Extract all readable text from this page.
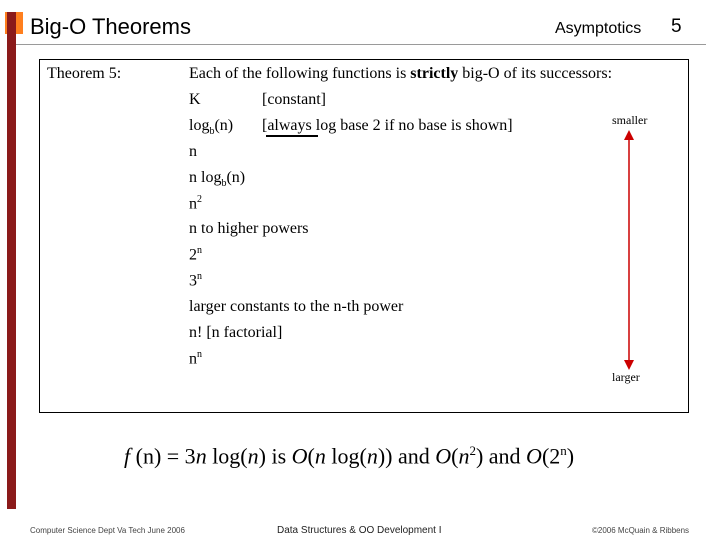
Big-O Theorems	Asymptotics 5
Theorem 5:	Each of the following functions is strictly big-O of its successors:
K	[constant]
$\log_b(n)$ [always log base 2 if no base is shown]
n
n $\log_b(n)$
$n^2$
n to higher powers
2$^n$
3$^n$
larger constants to the n-th power
n! [n factorial]
$n^n$
smaller
larger
f (n) = 3n log(n) is O(n log(n)) and $O(n^2)$ and O(2$^n$)
Computer Science Dept Va Tech June 2006	Data Structures & OO Development I	©2006 McQuain & Ribbens
